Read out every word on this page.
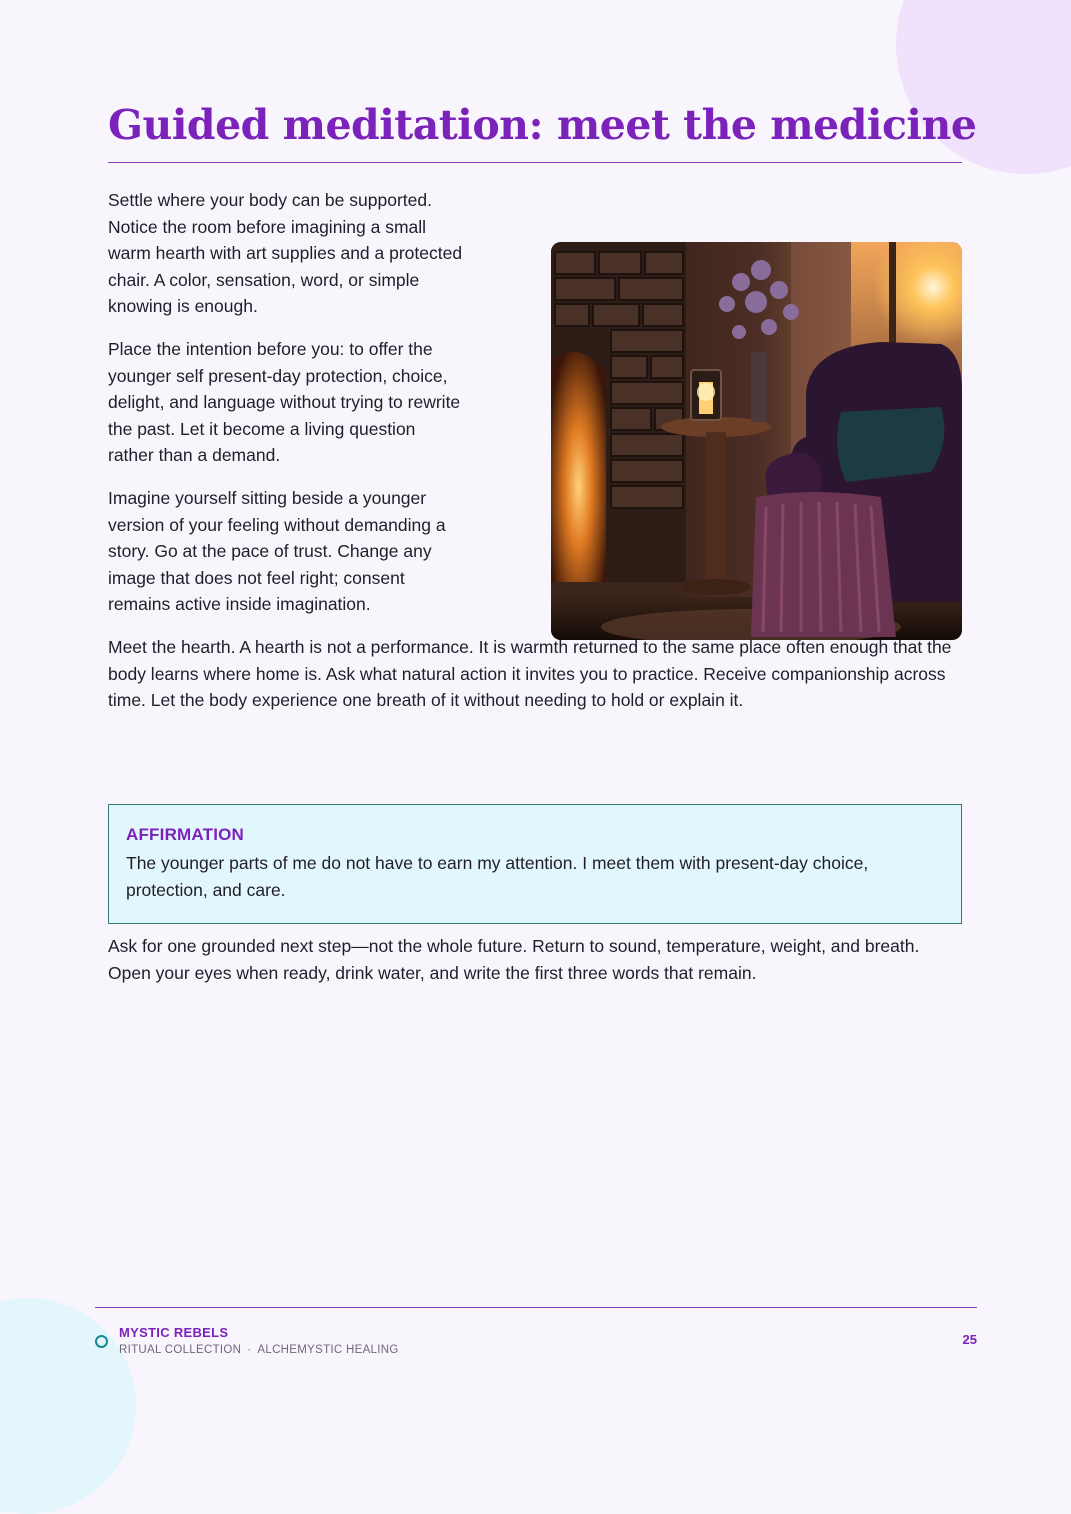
Guided meditation: meet the medicine

Settle where your body can be supported. Notice the room before imagining a small warm hearth with art supplies and a protected chair. A color, sensation, word, or simple knowing is enough.

Place the intention before you: to offer the younger self present-day protection, choice, delight, and language without trying to rewrite the past. Let it become a living question rather than a demand.

Imagine yourself sitting beside a younger version of your feeling without demanding a story. Go at the pace of trust. Change any image that does not feel right; consent remains active inside imagination.

Meet the hearth. A hearth is not a performance. It is warmth returned to the same place often enough that the body learns where home is. Ask what natural action it invites you to practice. Receive companionship across time. Let the body experience one breath of it without needing to hold or explain it.

AFFIRMATION
The younger parts of me do not have to earn my attention. I meet them with present-day choice, protection, and care.

Ask for one grounded next step—not the whole future. Return to sound, temperature, weight, and breath. Open your eyes when ready, drink water, and write the first three words that remain.

MYSTIC REBELS
RITUAL COLLECTION · ALCHEMYSTIC HEALING
25
